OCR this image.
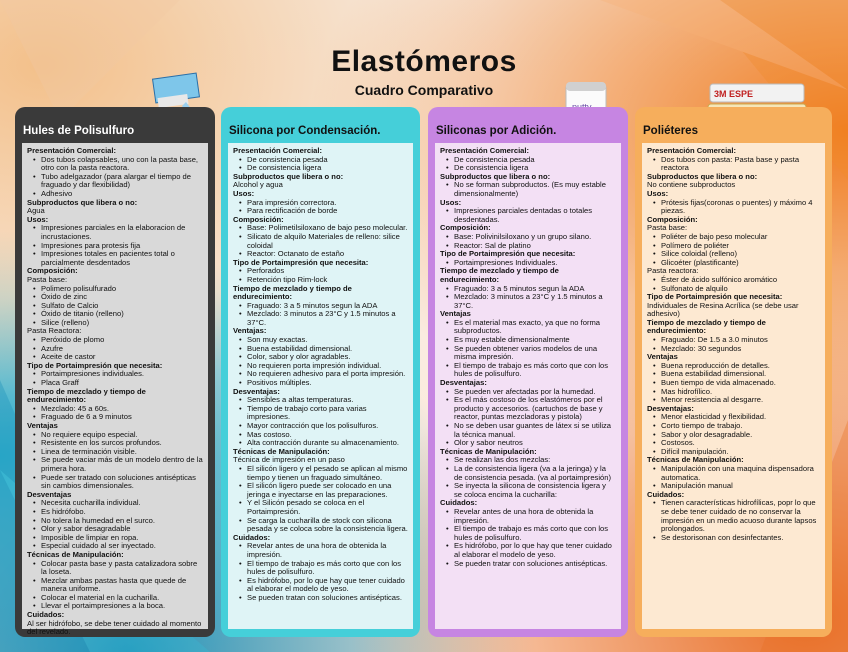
Elastómeros
Cuadro Comparativo	3M ESPE
Hules de Polisulfuro
Presentación Comercial:
• Dos tubos colapsables, uno con la pasta base, otro con la pasta reactora.
• Tubo adelgazador (para alargar el tiempo de fraguado y dar flexibilidad)
• Adhesivo
Subproductos que libera o no:
Agua
Usos:
• Impresiones parciales en la elaboracion de incrustaciones.
• Impresiones para protesis fija
• Impresiones totales en pacientes total o parcialmente desdentados
Composición:
Pasta base:
• Polimero polisulfurado
• Óxido de zinc
• Sulfato de Calcio
• Óxido de titanio (relleno)
• Silice (relleno)
Pasta Reactora:
• Peróxido de plomo
• Azufre
• Aceite de castor
Tipo de Portaimpresión que necesita:
• Portaimpresiones individuales.
• Placa Graff
Tiempo de mezclado y tiempo de endurecimiento:
• Mezclado: 45 a 60s.
• Fraguado de 6 a 9 minutos
Ventajas
• No requiere equipo especial.
• Resistente en los surcos profundos.
• Linea de terminación visible.
• Se puede vaciar más de un modelo dentro de la primera hora.
• Puede ser tratado con soluciones antisépticas sin cambios dimensionales.
Desventajas
• Necesita cucharilla individual.
• Es hidrófobo.
• No tolera la humedad en el surco.
• Olor y sabor desagradable
• Imposible de limpiar en ropa.
• Especial cuidado al ser inyectado.
Técnicas de Manipulación:
• Colocar pasta base y pasta catalizadora sobre la loseta.
• Mezclar ambas pastas hasta que quede de manera uniforme.
• Colocar el material en la cucharilla.
• Llevar el portaimpresiones a la boca.
Cuidados:
Al ser hidrófobo, se debe tener cuidado al momento del revelado.
Silicona por Condensación.
Presentación Comercial:
• De consistencia pesada
• De consistencia ligera
Subproductos que libera o no:
Alcohol y agua
Usos:
• Para impresión correctora.
• Para rectificación de borde
Composición:
• Base: Polimetilsiloxano de bajo peso molecular.
• Silicato de alquilo Materiales de relleno: silice coloidal
• Reactor: Octanato de estaño
Tipo de Portaimpresión que necesita:
• Perforados
• Retención tipo Rim-lock
Tiempo de mezclado y tiempo de endurecimiento:
• Fraguado: 3 a 5 minutos segun la ADA
• Mezclado: 3 minutos a 23°C y 1.5 minutos a 37°C.
Ventajas:
• Son muy exactas.
• Buena estabilidad dimensional.
• Color, sabor y olor agradables.
• No requieren porta impresión individual.
• No requieren adhesivo para el porta impresión.
• Positivos múltiples.
Desventajas:
• Sensibles a altas temperaturas.
• Tiempo de trabajo corto para varias impresiones.
• Mayor contracción que los polisulfuros.
• Mas costoso.
• Alta contracción durante su almacenamiento.
Técnicas de Manipulación:
Técnica de impresión en un paso
• El silicón ligero y el pesado se aplican al mismo tiempo y tienen un fraguado simultáneo.
• El silicón ligero puede ser colocado en una jeringa e inyectarse en las preparaciones.
• Y el Silicón pesado se coloca en el Portaimpresión.
• Se carga la cucharilla de stock con silicona pesada y se coloca sobre la consistencia ligera.
Cuidados:
• Revelar antes de una hora de obtenida la impresión.
• El tiempo de trabajo es más corto que con los hules de polisulfuro.
• Es hidrófobo, por lo que hay que tener cuidado al elaborar el modelo de yeso.
• Se pueden tratan con soluciones antisépticas.
Siliconas por Adición.
Presentación Comercial:
• De consistencia pesada
• De consistencia ligera
Subproductos que libera o no:
• No se forman subproductos. (Es muy estable dimensionalmente)
Usos:
• Impresiones parciales dentadas o totales desdentadas.
Composición:
• Base: Polivinilsiloxano y un grupo silano.
• Reactor: Sal de platino
Tipo de Portaimpresión que necesita:
• Portaimpresiones Individuales.
Tiempo de mezclado y tiempo de endurecimiento:
• Fraguado: 3 a 5 minutos segun la ADA
• Mezclado: 3 minutos a 23°C y 1.5 minutos a 37°C.
Ventajas
• Es el material mas exacto, ya que no forma subproductos.
• Es muy estable dimensionalmente
• Se pueden obtener varios modelos de una misma impresión.
• El tiempo de trabajo es más corto que con los hules de polisulfuro.
Desventajas:
• Se pueden ver afectadas por la humedad.
• Es el más costoso de los elastómeros por el producto y accesorios. (cartuchos de base y reactor, puntas mezcladoras y pistola)
• No se deben usar guantes de látex si se utiliza la técnica manual.
• Olor y sabor neutros
Técnicas de Manipulación:
• Se realizan las dos mezclas:
• La de consistencia ligera (va a la jeringa) y la de consistencia pesada. (va al portaimpresión)
• Se inyecta la silicona de consistencia ligera y se coloca encima la cucharilla:
Cuidados:
• Revelar antes de una hora de obtenida la impresión.
• El tiempo de trabajo es más corto que con los hules de polisulfuro.
• Es hidrófobo, por lo que hay que tener cuidado al elaborar el modelo de yeso.
• Se pueden tratar con soluciones antisépticas.
Poliéteres
Presentación Comercial:
• Dos tubos con pasta: Pasta base y pasta reactora
Subproductos que libera o no:
No contiene subproductos
Usos:
• Prótesis fijas(coronas o puentes) y máximo 4 piezas.
Composición:
Pasta base:
• Poliéter de bajo peso molecular
• Polímero de poliéter
• Silice coloidal (relleno)
• Glicoéter (plastificante)
Pasta reactora:
• Éster de ácido sulfónico aromático
• Sulfonato de alquilo
Tipo de Portaimpresión que necesita:
Individuales de Resina Acrílica (se debe usar adhesivo)
Tiempo de mezclado y tiempo de endurecimiento:
• Fraguado: De 1.5 a 3.0 minutos
• Mezclado: 30 segundos
Ventajas
• Buena reproducción de detalles.
• Buena estabilidad dimensional.
• Buen tiempo de vida almacenado.
• Mas hidrofílico.
• Menor resistencia al desgarre.
Desventajas:
• Menor elasticidad y flexibilidad.
• Corto tiempo de trabajo.
• Sabor y olor desagradable.
• Costosos.
• Difícil manipulación.
Técnicas de Manipulación:
• Manipulación con una maquina dispensadora automatica.
• Manipulación manual
Cuidados:
• Tienen características hidrofílicas, popr lo que se debe tener cuidado de no conservar la impresión en un medio acuoso durante lapsos prolongados.
• Se destorisonan con desinfectantes.
